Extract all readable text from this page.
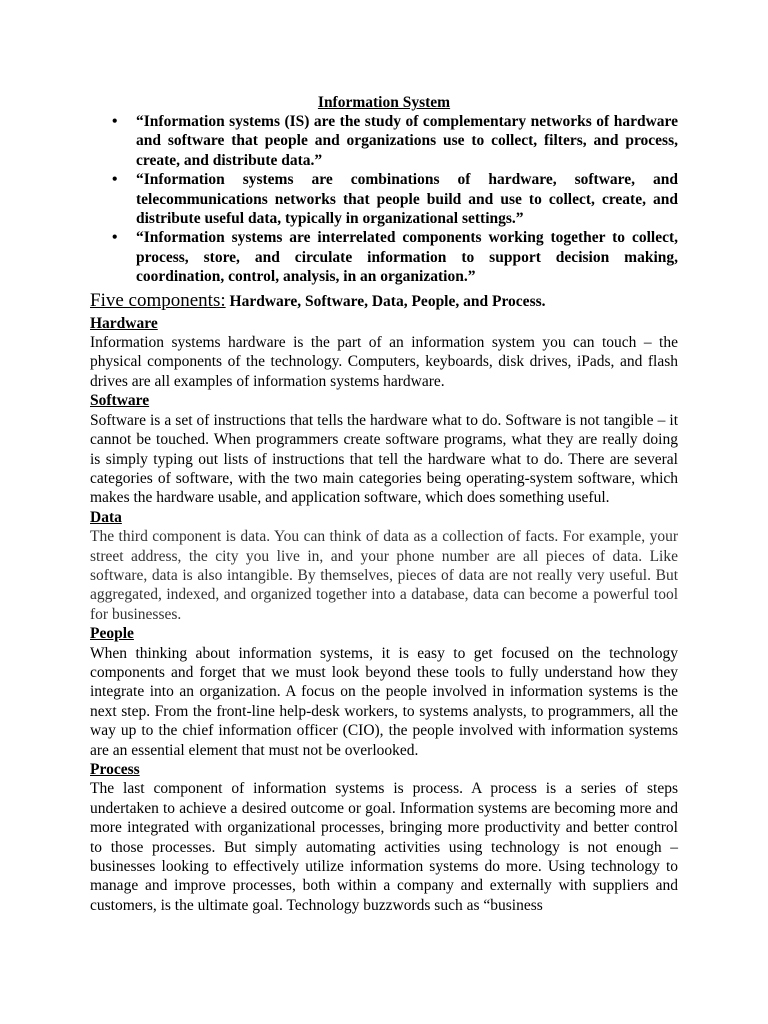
Information System

• “Information systems (IS) are the study of complementary networks of hardware and software that people and organizations use to collect, filters, and process, create, and distribute data.”
• “Information systems are combinations of hardware, software, and telecommunications networks that people build and use to collect, create, and distribute useful data, typically in organizational settings.”
• “Information systems are interrelated components working together to collect, process, store, and circulate information to support decision making, coordination, control, analysis, in an organization.”

Five components: Hardware, Software, Data, People, and Process.

Hardware

Information systems hardware is the part of an information system you can touch – the physical components of the technology. Computers, keyboards, disk drives, iPads, and flash drives are all examples of information systems hardware.

Software

Software is a set of instructions that tells the hardware what to do. Software is not tangible – it cannot be touched. When programmers create software programs, what they are really doing is simply typing out lists of instructions that tell the hardware what to do. There are several categories of software, with the two main categories being operating-system software, which makes the hardware usable, and application software, which does something useful.

Data

The third component is data. You can think of data as a collection of facts. For example, your street address, the city you live in, and your phone number are all pieces of data. Like software, data is also intangible. By themselves, pieces of data are not really very useful. But aggregated, indexed, and organized together into a database, data can become a powerful tool for businesses.

People

When thinking about information systems, it is easy to get focused on the technology components and forget that we must look beyond these tools to fully understand how they integrate into an organization. A focus on the people involved in information systems is the next step. From the front-line help-desk workers, to systems analysts, to programmers, all the way up to the chief information officer (CIO), the people involved with information systems are an essential element that must not be overlooked.

Process

The last component of information systems is process. A process is a series of steps undertaken to achieve a desired outcome or goal. Information systems are becoming more and more integrated with organizational processes, bringing more productivity and better control to those processes. But simply automating activities using technology is not enough – businesses looking to effectively utilize information systems do more. Using technology to manage and improve processes, both within a company and externally with suppliers and customers, is the ultimate goal. Technology buzzwords such as “business
